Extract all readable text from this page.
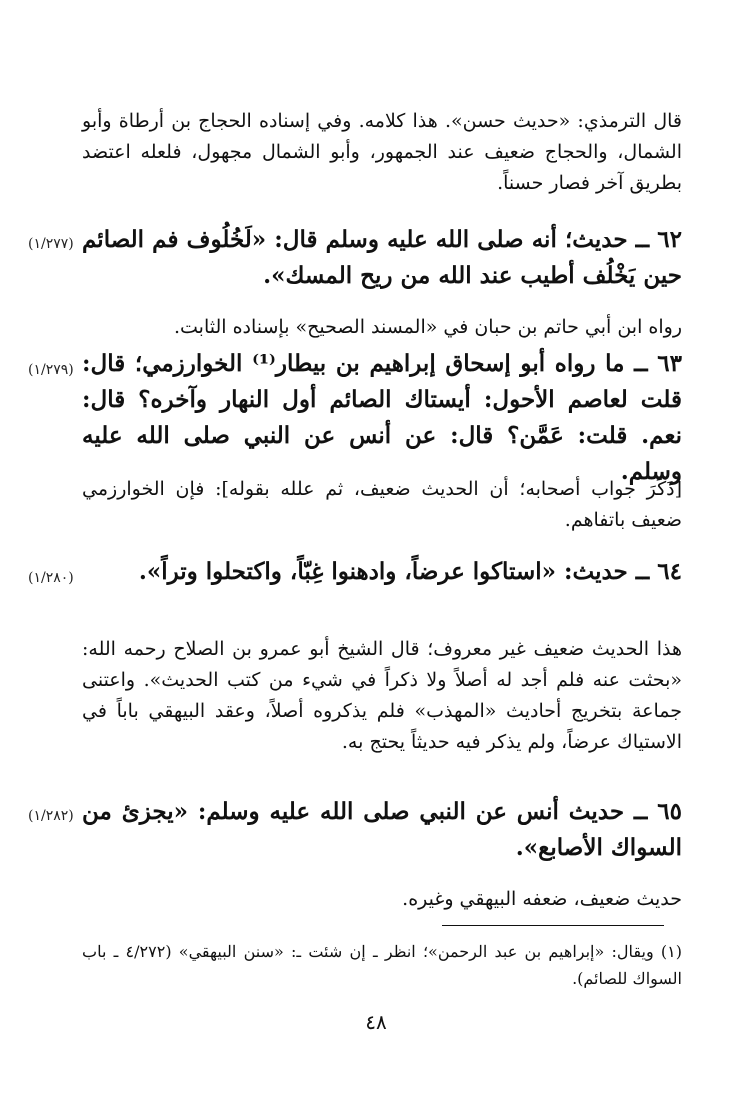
قال الترمذي: «حديث حسن». هذا كلامه. وفي إسناده الحجاج بن أرطاة وأبو الشمال، والحجاج ضعيف عند الجمهور، وأبو الشمال مجهول، فلعله اعتضد بطريق آخر فصار حسناً.
(١/٢٧٧) ٦٢ ــ حديث؛ أنه صلى الله عليه وسلم قال: «لَخُلُوف فم الصائم حين يَخْلُف أطيب عند الله من ريح المسك».
رواه ابن أبي حاتم بن حبان في «المسند الصحيح» بإسناده الثابت.
(١/٢٧٩) ٦٣ ــ ما رواه أبو إسحاق إبراهيم بن بيطار⁽¹⁾ الخوارزمي؛ قال: قلت لعاصم الأحول: أيستاك الصائم أول النهار وآخره؟ قال: نعم. قلت: عَمَّن؟ قال: عن أنس عن النبي صلى الله عليه وسلم.
[ذَكَرَ جواب أصحابه؛ أن الحديث ضعيف، ثم علله بقوله]: فإن الخوارزمي ضعيف باتفاهم.
(١/٢٨٠)	٦٤ ــ حديث: «استاكوا عرضاً، وادهنوا غِبّاً، واكتحلوا وتراً».
هذا الحديث ضعيف غير معروف؛ قال الشيخ أبو عمرو بن الصلاح رحمه الله: «بحثت عنه فلم أجد له أصلاً ولا ذكراً في شيء من كتب الحديث». واعتنى جماعة بتخريج أحاديث «المهذب» فلم يذكروه أصلاً، وعقد البيهقي باباً في الاستياك عرضاً، ولم يذكر فيه حديثاً يحتج به.
(١/٢٨٢) ٦٥ ــ حديث أنس عن النبي صلى الله عليه وسلم: «يجزئ من السواك الأصابع».
حديث ضعيف، ضعفه البيهقي وغيره.
(١) ويقال: «إبراهيم بن عبد الرحمن»؛ انظر ـ إن شئت ـ: «سنن البيهقي» (٤/٢٧٢ ـ باب السواك للصائم).
٤٨
